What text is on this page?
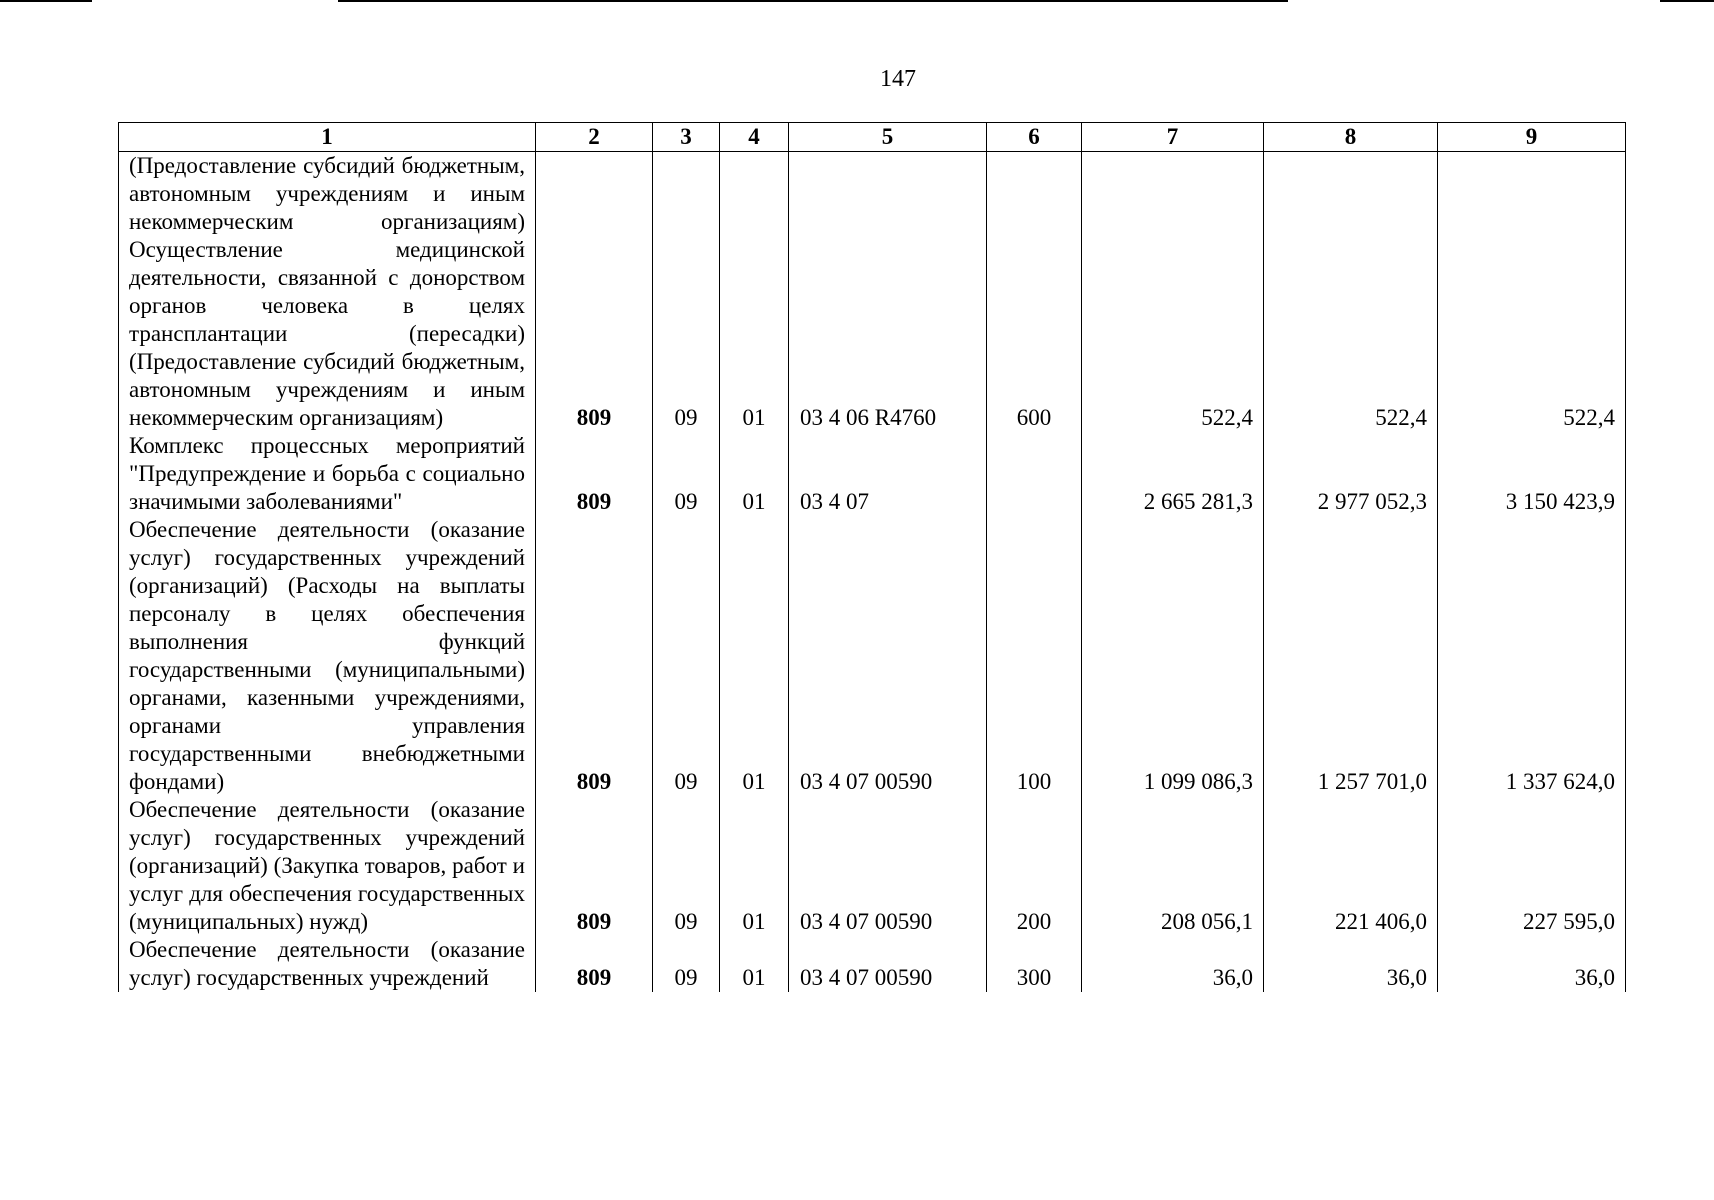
147
1	2	3	4	5	6	7	8	9
(Предоставление субсидий бюджетным, автономным учреждениям и иным некоммерческим организациям) Осуществление медицинской деятельности, связанной с донорством органов человека в целях трансплантации (пересадки) (Предоставление субсидий бюджетным, автономным учреждениям и иным некоммерческим организациям)	809	09	01	03 4 06 R4760	600	522,4	522,4	522,4
Комплекс процессных мероприятий "Предупреждение и борьба с социально значимыми заболеваниями"	809	09	01	03 4 07		2 665 281,3	2 977 052,3	3 150 423,9
Обеспечение деятельности (оказание услуг) государственных учреждений (организаций) (Расходы на выплаты персоналу в целях обеспечения выполнения функций государственными (муниципальными) органами, казенными учреждениями, органами управления государственными внебюджетными фондами)	809	09	01	03 4 07 00590	100	1 099 086,3	1 257 701,0	1 337 624,0
Обеспечение деятельности (оказание услуг) государственных учреждений (организаций) (Закупка товаров, работ и услуг для обеспечения государственных (муниципальных) нужд)	809	09	01	03 4 07 00590	200	208 056,1	221 406,0	227 595,0
Обеспечение деятельности (оказание услуг) государственных учреждений	809	09	01	03 4 07 00590	300	36,0	36,0	36,0
